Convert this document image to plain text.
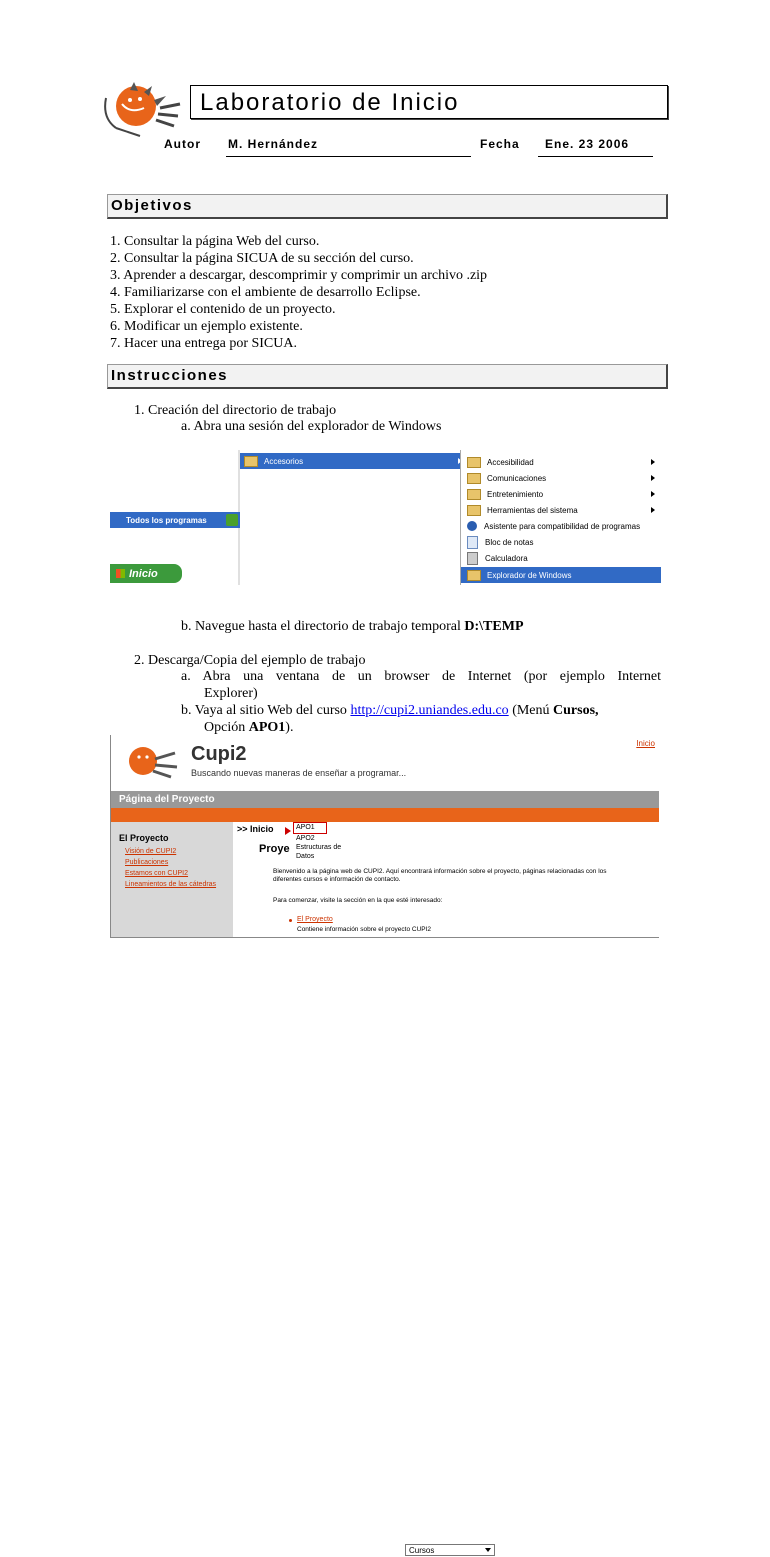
Laboratorio de Inicio
Autor M. Hernández	Fecha Ene. 23 2006
Objetivos
1. Consultar la página Web del curso.
2. Consultar la página SICUA de su sección del curso.
3. Aprender a descargar, descomprimir y comprimir un archivo .zip
4. Familiarizarse con el ambiente de desarrollo Eclipse.
5. Explorar el contenido de un proyecto.
6. Modificar un ejemplo existente.
7. Hacer una entrega por SICUA.
Instrucciones
1. Creación del directorio de trabajo
a. Abra una sesión del explorador de Windows
Accesorios
Todos los programas
Inicio
Accesibilidad
Comunicaciones
Entretenimiento
Herramientas del sistema
Asistente para compatibilidad de programas
Bloc de notas
Calculadora
Explorador de Windows
b. Navegue hasta el directorio de trabajo temporal D:\TEMP
2. Descarga/Copia del ejemplo de trabajo
a. Abra una ventana de un browser de Internet (por ejemplo Internet
Explorer)
b. Vaya al sitio Web del curso http://cupi2.uniandes.edu.co (Menú Cursos,
Opción APO1).
Cupi2
Buscando nuevas maneras de enseñar a programar...
Inicio
Página del Proyecto
Inicio	El Proyecto	Cursos	Descargas	Zona de Profesores	Contáctenos
El Proyecto
Visión de CUPI2
Publicaciones
Estamos con CUPI2
Lineamientos de las cátedras
>> Inicio	APO1
APO2
Estructuras de Datos
Proye
Bienvenido a la página web de CUPI2. Aquí encontrará información sobre el proyecto, páginas relacionadas con los diferentes cursos e información de contacto.
Para comenzar, visite la sección en la que esté interesado:
El Proyecto
Contiene información sobre el proyecto CUPI2
